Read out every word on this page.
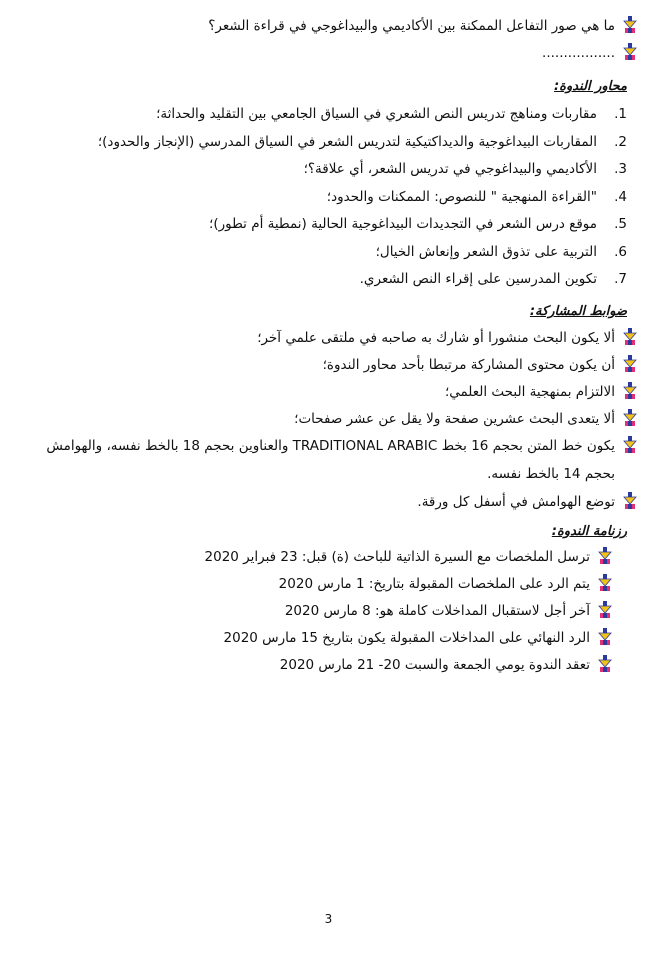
ما هي صور التفاعل الممكنة بين الأكاديمي والبيداغوجي في قراءة الشعر؟
.................
محاور الندوة:
1.
مقاربات ومناهج تدريس النص الشعري في السياق الجامعي بين التقليد والحداثة؛
2.
المقاربات البيداغوجية والديداكتيكية لتدريس الشعر في السياق المدرسي (الإنجاز والحدود)؛
3.
الأكاديمي والبيداغوجي في تدريس الشعر، أي علاقة؟؛
4.
"القراءة المنهجية " للنصوص: الممكنات والحدود؛
5.
موقع درس الشعر في التجديدات البيداغوجية الحالية (نمطية أم تطور)؛
6.
التربية على تذوق الشعر وإنعاش الخيال؛
7.
تكوين المدرسين على إقراء النص الشعري.
ضوابط المشاركة:
ألا يكون البحث منشورا أو شارك به صاحبه في ملتقى علمي آخر؛
أن يكون محتوى المشاركة مرتبطا بأحد محاور الندوة؛
الالتزام بمنهجية البحث العلمي؛
ألا يتعدى البحث عشرين صفحة ولا يقل عن عشر صفحات؛
يكون خط المتن بحجم 16 بخط TRADITIONAL ARABIC والعناوين بحجم 18 بالخط نفسه، والهوامش بحجم 14 بالخط نفسه.
توضع الهوامش في أسفل كل ورقة.
رزنامة الندوة:
ترسل الملخصات مع السيرة الذاتية للباحث (ة) قبل: 23 فبراير 2020
يتم الرد على الملخصات المقبولة بتاريخ: 1 مارس 2020
آخر أجل لاستقبال المداخلات كاملة هو: 8 مارس 2020
الرد النهائي على المداخلات المقبولة يكون بتاريخ 15 مارس 2020
تعقد الندوة يومي الجمعة والسبت 20- 21 مارس 2020
3
